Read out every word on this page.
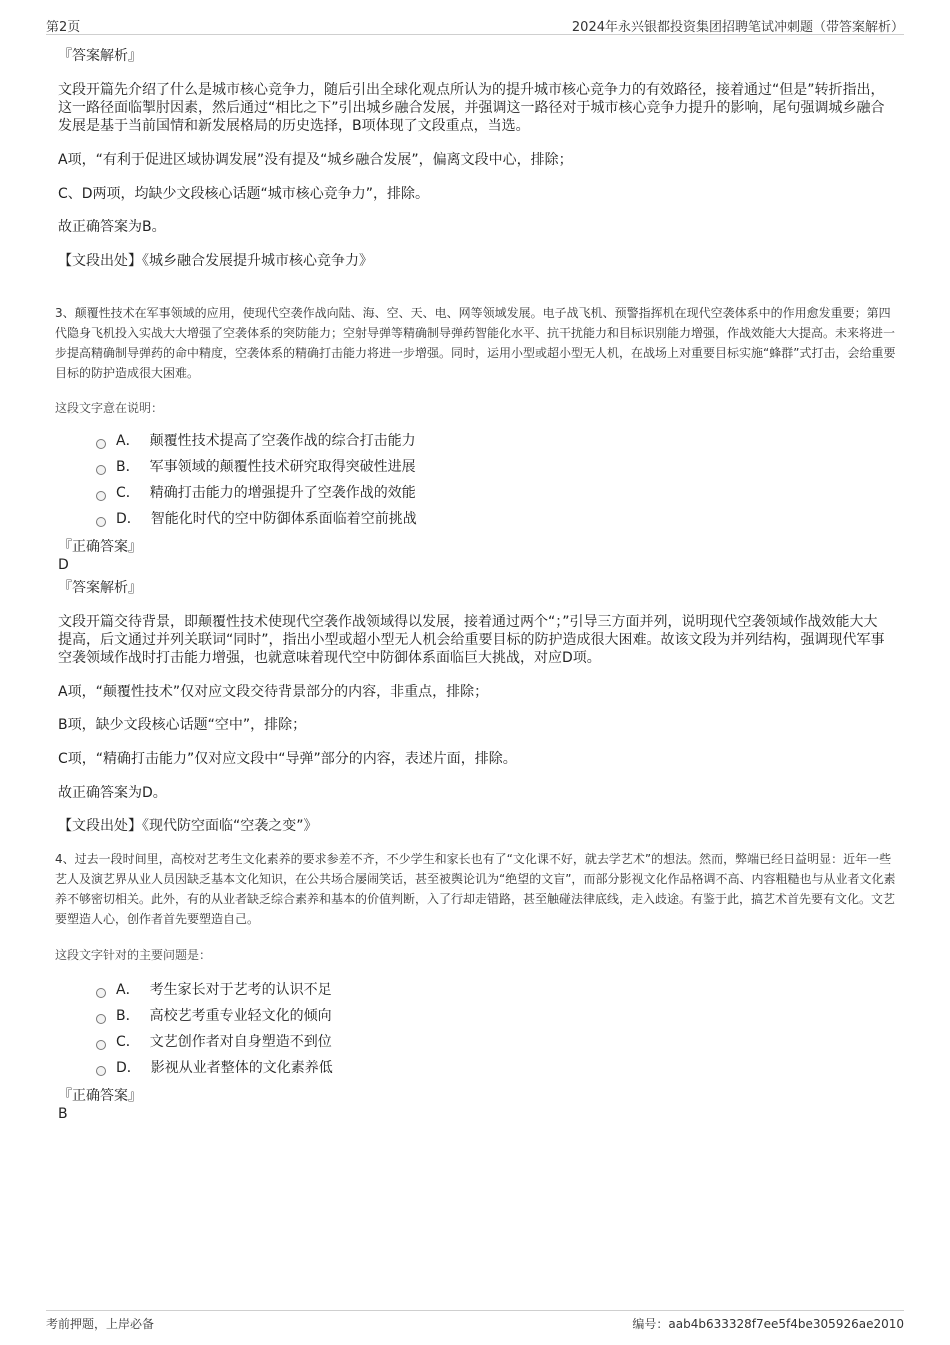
第2页	2024年永兴银都投资集团招聘笔试冲刺题（带答案解析）
『答案解析』
文段开篇先介绍了什么是城市核心竞争力，随后引出全球化观点所认为的提升城市核心竞争力的有效路径，接着通过“但是”转折指出，这一路径面临掣肘因素，然后通过“相比之下”引出城乡融合发展，并强调这一路径对于城市核心竞争力提升的影响，尾句强调城乡融合发展是基于当前国情和新发展格局的历史选择，B项体现了文段重点，当选。
A项，“有利于促进区域协调发展”没有提及“城乡融合发展”，偏离文段中心，排除；
C、D两项，均缺少文段核心话题“城市核心竞争力”，排除。
故正确答案为B。
【文段出处】《城乡融合发展提升城市核心竞争力》
3、颠覆性技术在军事领域的应用，使现代空袭作战向陆、海、空、天、电、网等领域发展。电子战飞机、预警指挥机在现代空袭体系中的作用愈发重要；第四代隐身飞机投入实战大大增强了空袭体系的突防能力；空射导弹等精确制导弹药智能化水平、抗干扰能力和目标识别能力增强，作战效能大大提高。未来将进一步提高精确制导弹药的命中精度，空袭体系的精确打击能力将进一步增强。同时，运用小型或超小型无人机，在战场上对重要目标实施“蜂群”式打击，会给重要目标的防护造成很大困难。
这段文字意在说明：
A． 颠覆性技术提高了空袭作战的综合打击能力
B． 军事领域的颠覆性技术研究取得突破性进展
C． 精确打击能力的增强提升了空袭作战的效能
D． 智能化时代的空中防御体系面临着空前挑战
『正确答案』
D
『答案解析』
文段开篇交待背景，即颠覆性技术使现代空袭作战领域得以发展，接着通过两个“；”引导三方面并列，说明现代空袭领域作战效能大大提高，后文通过并列关联词“同时”，指出小型或超小型无人机会给重要目标的防护造成很大困难。故该文段为并列结构，强调现代军事空袭领域作战时打击能力增强，也就意味着现代空中防御体系面临巨大挑战，对应D项。
A项，“颠覆性技术”仅对应文段交待背景部分的内容，非重点，排除；
B项，缺少文段核心话题“空中”，排除；
C项，“精确打击能力”仅对应文段中“导弹”部分的内容，表述片面，排除。
故正确答案为D。
【文段出处】《现代防空面临“空袭之变”》
4、过去一段时间里，高校对艺考生文化素养的要求参差不齐，不少学生和家长也有了“文化课不好，就去学艺术”的想法。然而，弊端已经日益明显：近年一些艺人及演艺界从业人员因缺乏基本文化知识，在公共场合屡闹笑话，甚至被舆论讥为“绝望的文盲”，而部分影视文化作品格调不高、内容粗糙也与从业者文化素养不够密切相关。此外，有的从业者缺乏综合素养和基本的价值判断，入了行却走错路，甚至触碰法律底线，走入歧途。有鉴于此，搞艺术首先要有文化。文艺要塑造人心，创作者首先要塑造自己。
这段文字针对的主要问题是：
A． 考生家长对于艺考的认识不足
B． 高校艺考重专业轻文化的倾向
C． 文艺创作者对自身塑造不到位
D． 影视从业者整体的文化素养低
『正确答案』
B
考前押题，上岸必备	编号：aab4b633328f7ee5f4be305926ae2010
